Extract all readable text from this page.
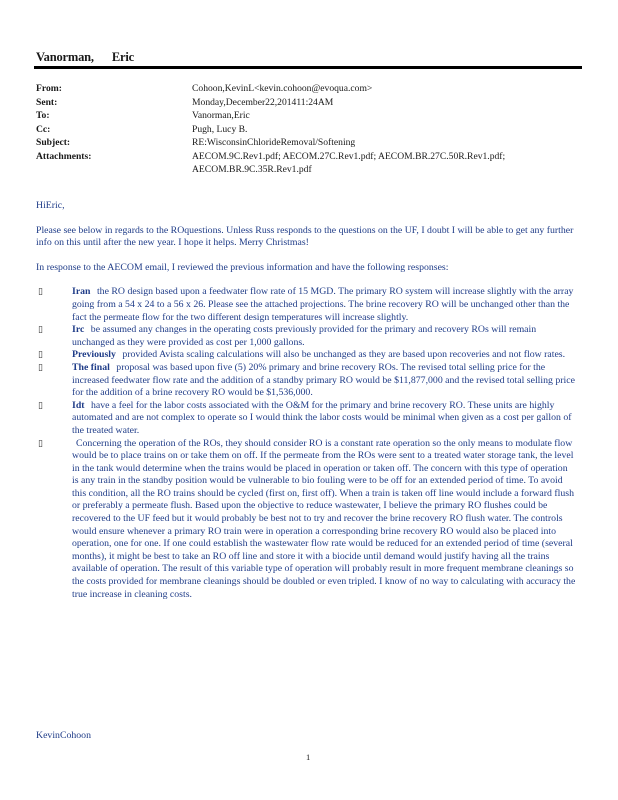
Vanorman, Eric
From:	Cohoon,KevinL<kevin.cohoon@evoqua.com>
Sent:	Monday,December22,201411:24AM
To:	Vanorman,Eric
Cc:	Pugh, Lucy B.
Subject:	RE:WisconsinChlorideRemoval/Softening
Attachments:	AECOM.9C.Rev1.pdf; AECOM.27C.Rev1.pdf; AECOM.BR.27C.50R.Rev1.pdf;
AECOM.BR.9C.35R.Rev1.pdf

HiEric,

Please see below in regards to the ROquestions. Unless Russ responds to the questions on the UF, I doubt I will be able to get any further info on this until after the new year. I hope it helps. Merry Christmas!

In response to the AECOM email, I reviewed the previous information and have the following responses:

▯	Iran the RO design based upon a feedwater flow rate of 15 MGD. The primary RO system will increase slightly with the array going from a 54 x 24 to a 56 x 26. Please see the attached projections. The brine recovery RO will be unchanged other than the fact the permeate flow for the two different design temperatures will increase slightly.
▯	Irc be assumed any changes in the operating costs previously provided for the primary and recovery ROs will remain unchanged as they were provided as cost per 1,000 gallons.
▯	Previously provided Avista scaling calculations will also be unchanged as they are based upon recoveries and not flow rates.
▯	The final proposal was based upon five (5) 20% primary and brine recovery ROs. The revised total selling price for the increased feedwater flow rate and the addition of a standby primary RO would be $11,877,000 and the revised total selling price for the addition of a brine recovery RO would be $1,536,000.
▯	Idt have a feel for the labor costs associated with the O&M for the primary and brine recovery RO. These units are highly automated and are not complex to operate so I would think the labor costs would be minimal when given as a cost per gallon of the treated water.
▯	Concerning the operation of the ROs, they should consider RO is a constant rate operation so the only means to modulate flow would be to place trains on or take them on off. If the permeate from the ROs were sent to a treated water storage tank, the level in the tank would determine when the trains would be placed in operation or taken off. The concern with this type of operation is any train in the standby position would be vulnerable to bio fouling were to be off for an extended period of time. To avoid this condition, all the RO trains should be cycled (first on, first off). When a train is taken off line would include a forward flush or preferably a permeate flush. Based upon the objective to reduce wastewater, I believe the primary RO flushes could be recovered to the UF feed but it would probably be best not to try and recover the brine recovery RO flush water. The controls would ensure whenever a primary RO train were in operation a corresponding brine recovery RO would also be placed into operation, one for one. If one could establish the wastewater flow rate would be reduced for an extended period of time (several months), it might be best to take an RO off line and store it with a biocide until demand would justify having all the trains available of operation. The result of this variable type of operation will probably result in more frequent membrane cleanings so the costs provided for membrane cleanings should be doubled or even tripled. I know of no way to calculating with accuracy the true increase in cleaning costs.
KevinCohoon
1
